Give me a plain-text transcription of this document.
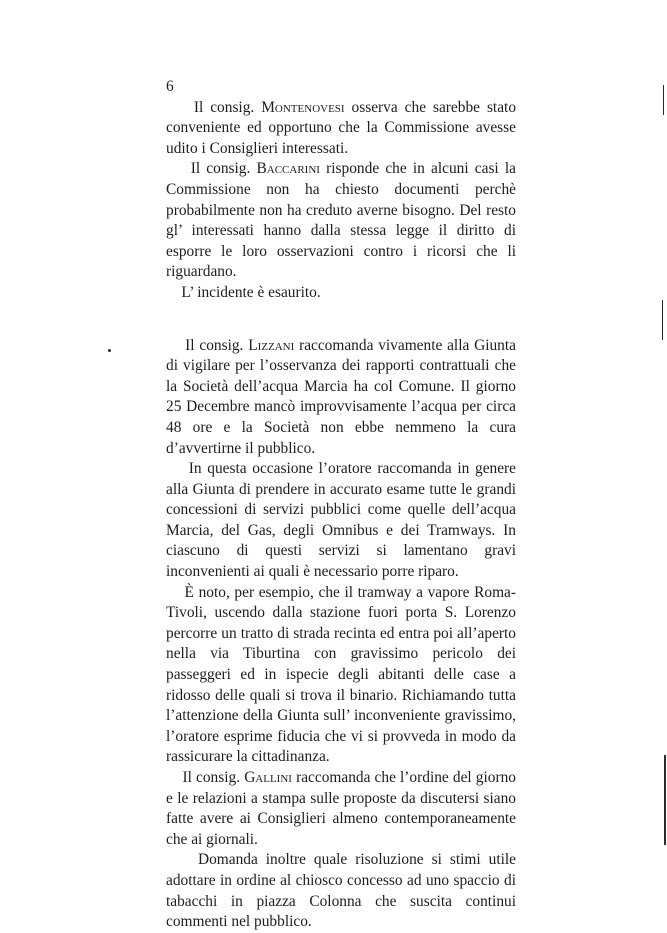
6

Il consig. Montenovesi osserva che sarebbe stato conveniente ed opportuno che la Commissione avesse udito i Consiglieri interessati.

Il consig. Baccarini risponde che in alcuni casi la Commissione non ha chiesto documenti perchè probabilmente non ha creduto averne bisogno. Del resto gl’ interessati hanno dalla stessa legge il diritto di esporre le loro osservazioni contro i ricorsi che li riguardano.

L’ incidente è esaurito.

Il consig. Lizzani raccomanda vivamente alla Giunta di vigilare per l’osservanza dei rapporti contrattuali che la Società dell’acqua Marcia ha col Comune. Il giorno 25 Decembre mancò improvvisamente l’acqua per circa 48 ore e la Società non ebbe nemmeno la cura d’avvertirne il pubblico.

In questa occasione l’oratore raccomanda in genere alla Giunta di prendere in accurato esame tutte le grandi concessioni di servizi pubblici come quelle dell’acqua Marcia, del Gas, degli Omnibus e dei Tramways. In ciascuno di questi servizi si lamentano gravi inconvenienti ai quali è necessario porre riparo.

È noto, per esempio, che il tramway a vapore Roma-Tivoli, uscendo dalla stazione fuori porta S. Lorenzo percorre un tratto di strada recinta ed entra poi all’aperto nella via Tiburtina con gravissimo pericolo dei passeggeri ed in ispecie degli abitanti delle case a ridosso delle quali si trova il binario. Richiamando tutta l’attenzione della Giunta sull’ inconveniente gravissimo, l’oratore esprime fiducia che vi si provveda in modo da rassicurare la cittadinanza.

Il consig. Gallini raccomanda che l’ordine del giorno e le relazioni a stampa sulle proposte da discutersi siano fatte avere ai Consiglieri almeno contemporaneamente che ai giornali.

Domanda inoltre quale risoluzione si stimi utile adottare in ordine al chiosco concesso ad uno spaccio di tabacchi in piazza Colonna che suscita continui commenti nel pubblico.
